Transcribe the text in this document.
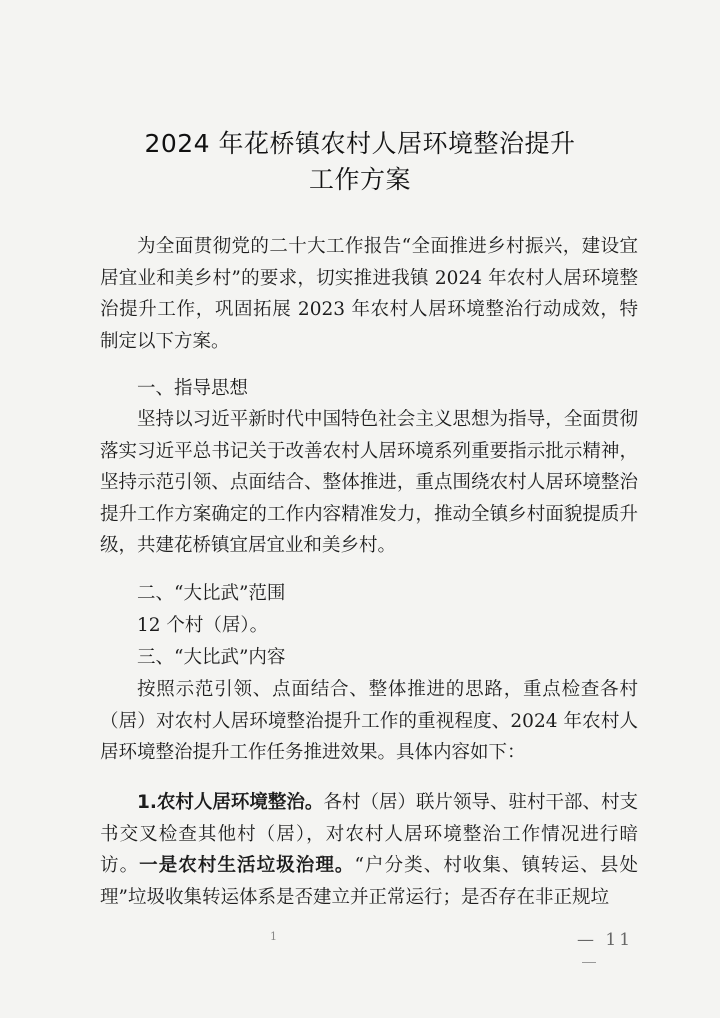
2024 年花桥镇农村人居环境整治提升
工作方案

为全面贯彻党的二十大工作报告“全面推进乡村振兴，建设宜居宜业和美乡村”的要求，切实推进我镇 2024 年农村人居环境整治提升工作，巩固拓展 2023 年农村人居环境整治行动成效，特制定以下方案。

一、指导思想

坚持以习近平新时代中国特色社会主义思想为指导，全面贯彻落实习近平总书记关于改善农村人居环境系列重要指示批示精神，坚持示范引领、点面结合、整体推进，重点围绕农村人居环境整治提升工作方案确定的工作内容精准发力，推动全镇乡村面貌提质升级，共建花桥镇宜居宜业和美乡村。

二、“大比武”范围

12 个村（居）。

三、“大比武”内容

按照示范引领、点面结合、整体推进的思路，重点检查各村（居）对农村人居环境整治提升工作的重视程度、2024 年农村人居环境整治提升工作任务推进效果。具体内容如下：

1.农村人居环境整治。各村（居）联片领导、驻村干部、村支书交叉检查其他村（居），对农村人居环境整治工作情况进行暗访。一是农村生活垃圾治理。“户分类、村收集、镇转运、县处理”垃圾收集转运体系是否建立并正常运行；是否存在非正规垃

1	— 11
